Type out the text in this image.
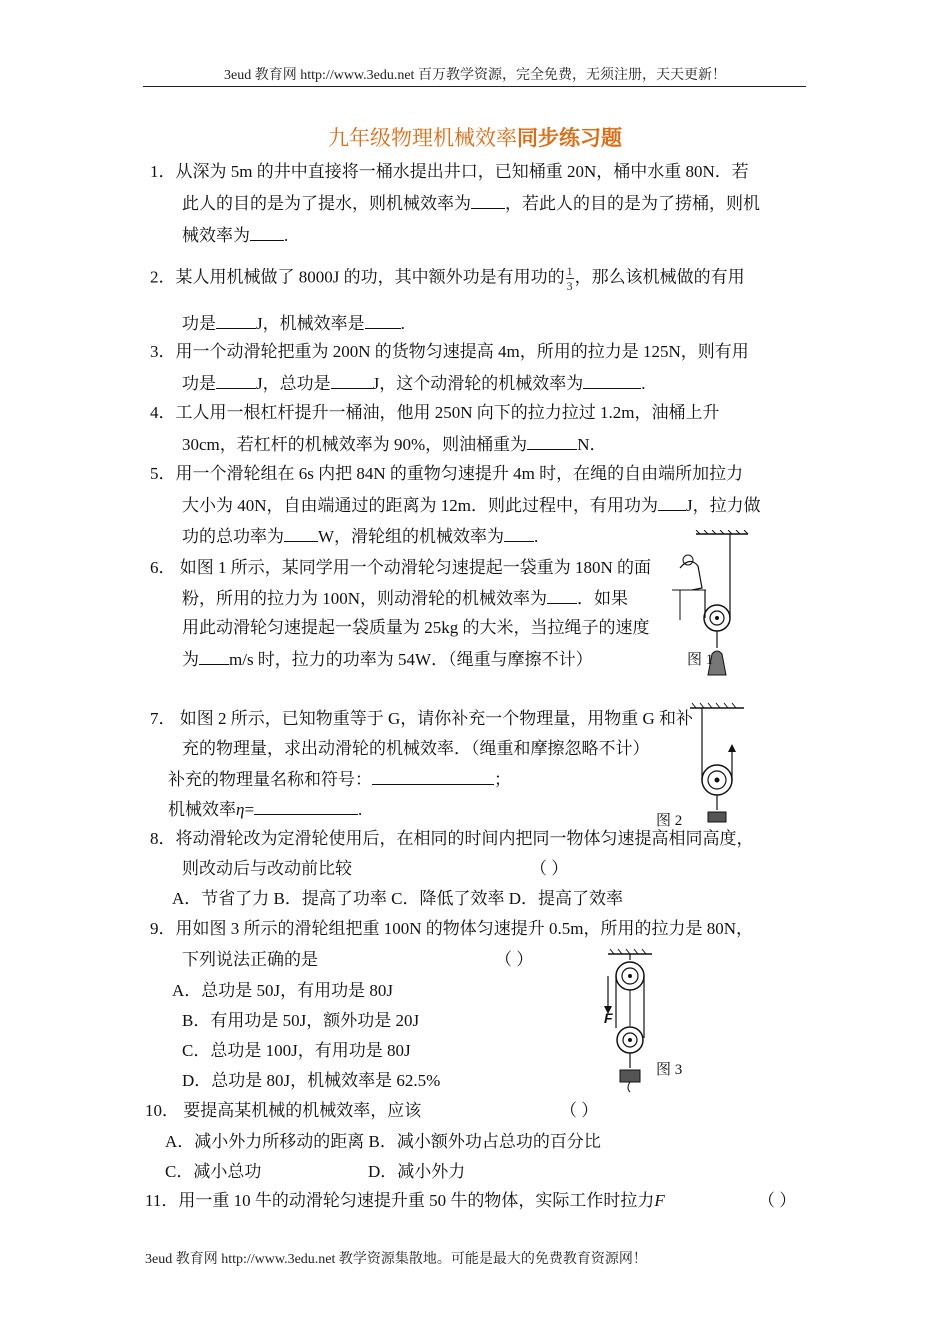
3eud 教育网 http://www.3edu.net 百万教学资源，完全免费，无须注册，天天更新！
九年级物理机械效率同步练习题
1．从深为 5m 的井中直接将一桶水提出井口，已知桶重 20N，桶中水重 80N．若
此人的目的是为了提水，则机械效率为 ，若此人的目的是为了捞桶，则机
械效率为 .
2．某人用机械做了 8000J 的功，其中额外功是有用功的 $\frac{1}{3}$ ，那么该机械做的有用
功是 J，机械效率是 .
3．用一个动滑轮把重为 200N 的货物匀速提高 4m，所用的拉力是 125N，则有用
功是 J，总功是 J，这个动滑轮的机械效率为	.
4．工人用一根杠杆提升一桶油，他用 250N 向下的拉力拉过 1.2m，油桶上升
30cm，若杠杆的机械效率为 90%，则油桶重为	N．
5．用一个滑轮组在 6s 内把 84N 的重物匀速提升 4m 时，在绳的自由端所加拉力
大小为 40N，自由端通过的距离为 12m．则此过程中，有用功为 J，拉力做
功的总功率为 W，滑轮组的机械效率为 .
6． 如图 1 所示，某同学用一个动滑轮匀速提起一袋重为 180N 的面
粉，所用的拉力为 100N，则动滑轮的机械效率为 ．如果
用此动滑轮匀速提起一袋质量为 25kg 的大米，当拉绳子的速度
为 m/s 时，拉力的功率为 54W．（绳重与摩擦不计）	图 1
7． 如图 2 所示，已知物重等于 G，请你补充一个物理量，用物重 G 和补
充的物理量，求出动滑轮的机械效率．（绳重和摩擦忽略不计）
补充的物理量名称和符号：	；
机械效率η=	.
图 2
8．将动滑轮改为定滑轮使用后，在相同的时间内把同一物体匀速提高相同高度，
则改动后与改动前比较	（ ）
A．节省了力 B．提高了功率 C．降低了效率 D．提高了效率
9．用如图 3 所示的滑轮组把重 100N 的物体匀速提升 0.5m，所用的拉力是 80N，
下列说法正确的是	（ ）
A．总功是 50J，有用功是 80J
B．有用功是 50J，额外功是 20J
C．总功是 100J，有用功是 80J
D．总功是 80J，机械效率是 62.5%
F
图 3
10． 要提高某机械的机械效率，应该	（ ）
A．减小外力所移动的距离 B．减小额外功占总功的百分比
C．减小总功	D．减小外力
11．用一重 10 牛的动滑轮匀速提升重 50 牛的物体，实际工作时拉力F	（ ）
3eud 教育网 http://www.3edu.net 教学资源集散地。可能是最大的免费教育资源网！
